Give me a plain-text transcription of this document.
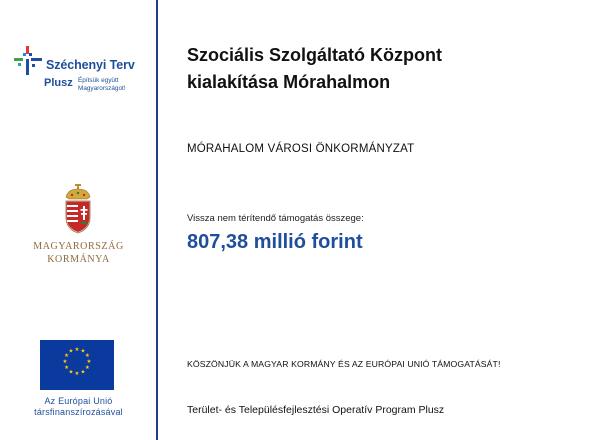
Széchenyi Terv
Plusz Építsük együtt
Magyarországot!
MAGYARORSZÁG
KORMÁNYA
★ ★
★
★
★
★
★
★
★
★
★
★
Az Európai Unió
társfinanszírozásával
Szociális Szolgáltató Központ
kialakítása Mórahalmon
MÓRAHALOM VÁROSI ÖNKORMÁNYZAT
Vissza nem térítendő támogatás összege:
807,38 millió forint
KÖSZÖNJÜK A MAGYAR KORMÁNY ÉS AZ EURÓPAI UNIÓ TÁMOGATÁSÁT!
Terület- és Településfejlesztési Operatív Program Plusz
